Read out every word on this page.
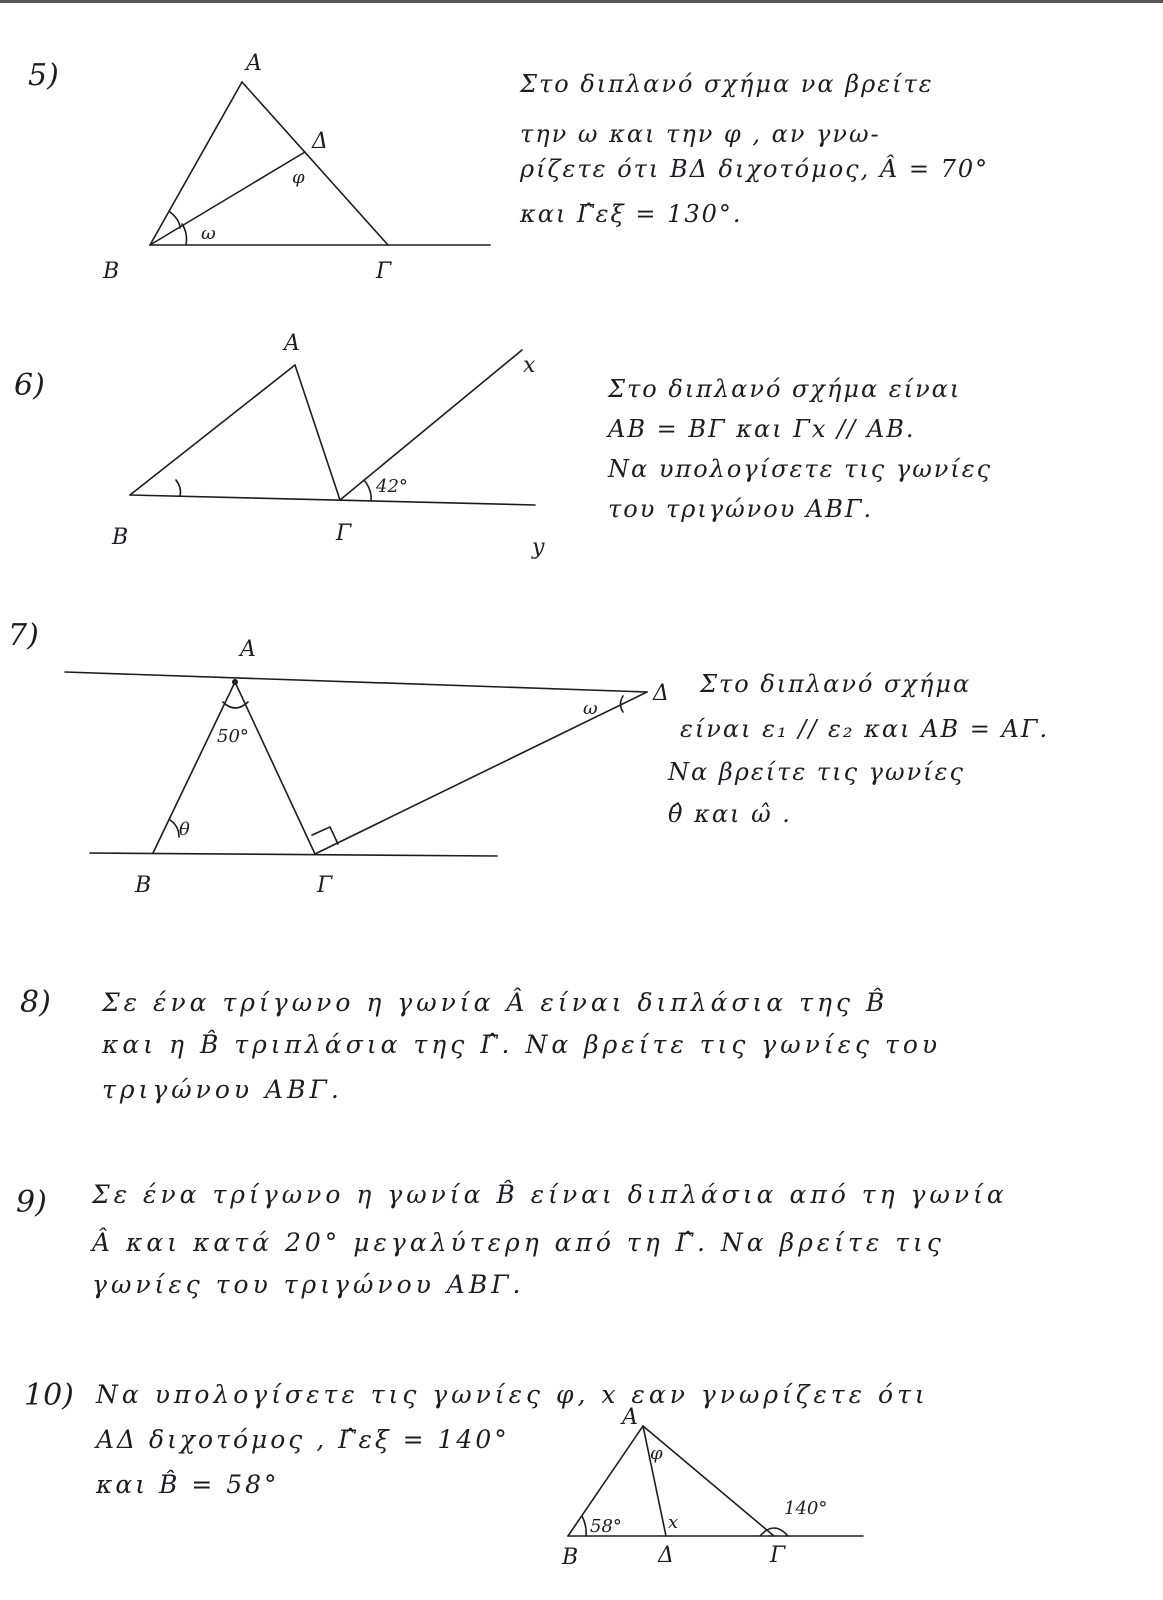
5)	A
B	Γ
Δ
φ
ω
Στο διπλανό σχήμα να βρείτε
την ω και την φ , αν γνω-
ρίζετε ότι ΒΔ διχοτόμος, Â = 70°
και Γ̂εξ = 130°.
6)
A
B	Γ
x
y
42°
Στο διπλανό σχήμα είναι
AB = ΒΓ και Γx // AB.
Να υπολογίσετε τις γωνίες
του τριγώνου ΑΒΓ.
7)	A
B	Γ
Δ
50°
θ
ω
Στο διπλανό σχήμα
είναι ε₁ // ε₂ και AB = ΑΓ.
Να βρείτε τις γωνίες
θ̂ και ω̂ .
8) Σε ένα τρίγωνο η γωνία Â είναι διπλάσια της B̂
και η B̂ τριπλάσια της Γ̂. Να βρείτε τις γωνίες του
τριγώνου ΑΒΓ.
9) Σε ένα τρίγωνο η γωνία B̂ είναι διπλάσια από τη γωνία
Â και κατά 20° μεγαλύτερη από τη Γ̂. Να βρείτε τις
γωνίες του τριγώνου ΑΒΓ.
10) Να υπολογίσετε τις γωνίες φ, x εαν γνωρίζετε ότι
ΑΔ διχοτόμος , Γ̂εξ = 140°
και B̂ = 58°
A
B	Δ	Γ
φ
x
58°
140°
